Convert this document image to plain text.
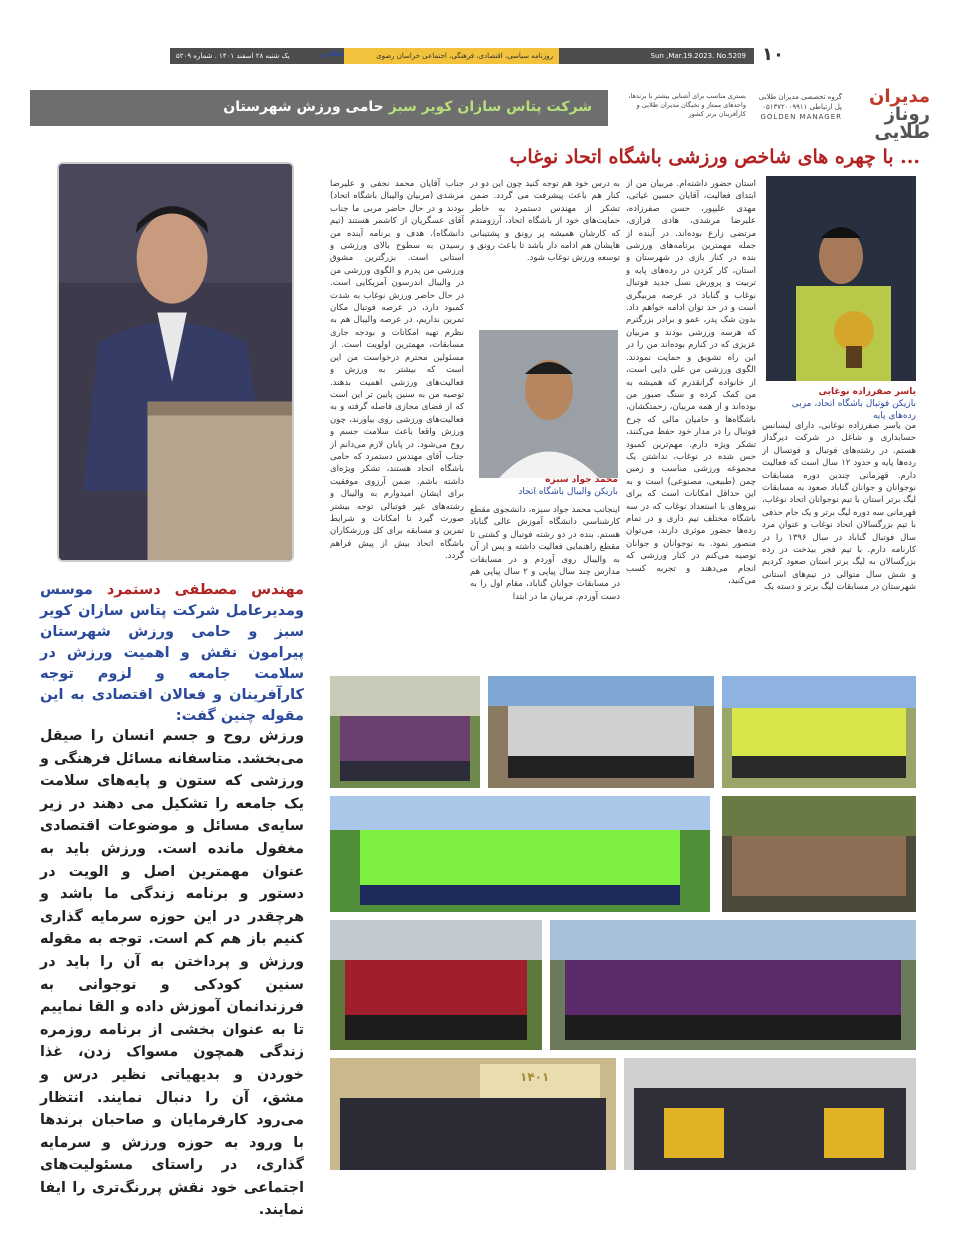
Sun ,Mar.19.2023. No.5209
روزنامه سیاسی، اقتصادی، فرهنگی، اجتماعی خراسان رضوی
طلایی
یک شنبه ۲۸ اسفند ۱۴۰۱ . شماره ۵۲۰۹	۱۰
مدیران
روناز طلایی
گروه تخصصی مدیران طلایی
پل ارتباطی ۰۵۱۳۷۲۰۰۹۹۱۱
GOLDEN MANAGER
بستری مناسب برای آشنایی بیشتر با برندها، واحدهای ممتاز و نخبگان مدیران طلایی و کارآفرینان برتر کشور
شرکت پتاس سازان کویر سبز حامی ورزش شهرستان
... با چهره های شاخص ورزشی باشگاه اتحاد نوغاب
یاسر صفرزاده نوغابی
بازیکن فوتبال باشگاه اتحاد، مربی رده‌های پایه
محمد جواد سبزه
بازیکن والیبال باشگاه اتحاد
من یاسر صفرزاده نوغابی، دارای لیسانس حسابداری و شاغل در شرکت دیرگداز هستم. در رشته‌های فوتبال و فوتسال از رده‌ها پایه و حدود ۱۲ سال است که فعالیت دارم. قهرمانی چندین دوره مسابقات نوجوانان و جوانان گناباد صعود به مسابقات لیگ برتر استان با تیم نوجوانان اتحاد نوغاب، قهرمانی سه دوره لیگ برتر و یک جام حذفی با تیم بزرگسالان اتحاد نوغاب و عنوان مرد سال فوتبال گناباد در سال ۱۳۹۶ را در کارنامه دارم. با تیم فجر بیدخت در رده بزرگسالان به لیگ برتر استان صعود کردیم و شش سال متوالی در تیم‌های استانی شهرستان در مسابقات لیگ برتر و دسته یک
استان حضور داشته‌ام. مربیان من از ابتدای فعالیت، آقایان حسین غیاثی، مهدی علیپور، حسن صفرزاده، علیرضا مرشدی، هادی فرازی، مرتضی زارع بوده‌اند. در آینده از جمله مهمترین برنامه‌های ورزشی بنده در کنار بازی در شهرستان و استان، کار کردن در رده‌های پایه و تربیت و پرورش نسل جدید فوتبال نوغاب و گناباد در عرصه مربیگری است و در حد توان ادامه خواهم داد. بدون شک پدر، عمو و برادر بزرگترم که هرسه ورزشی بودند و مربیان عزیزی که در کنارم بوده‌اند من را در این راه تشویق و حمایت نمودند. الگوی ورزشی من علی دایی است، از خانواده گرانقدرم که همیشه به من کمک کرده و سنگ صبور من بوده‌اند و از همه مربیان، زحمتکشان، باشگاه‌ها و حامیان مالی که چرخ فوتبال را در مدار خود حفظ می‌کنند، تشکر ویژه دارم. مهم‌ترین کمبود حس شده در نوغاب، نداشتن یک مجموعه ورزشی مناسب و زمین چمن (طبیعی، مصنوعی) است و به این حداقل امکانات است که برای نیروهای با استعداد نوغاب که در سه باشگاه مختلف تیم داری و در تمام رده‌ها حضور موثری دارند، می‌توان منصور نمود. به نوجوانان و جوانان توصیه می‌کنم در کنار ورزشی که انجام می‌دهند و تجربه کسب می‌کنید،
به درس خود هم توجه کنید چون این دو در کنار هم باعث پیشرفت می گردد. ضمن تشکر از مهندس دستمرد به خاطر حمایت‌های خود از باشگاه اتحاد، آرزومندم که کارشان همیشه پر رونق و پشتیبانی هایشان هم ادامه دار باشد تا باعث رونق و توسعه ورزش نوغاب شود.
اینجانب محمد جواد سبزه، دانشجوی مقطع کارشناسی دانشگاه آموزش عالی گناباد هستم. بنده در دو رشته فوتبال و کشتی تا مقطع راهنمایی فعالیت داشته و پس از آن به والیبال روی آوردم و در مسابقات مدارس چند سال پیاپی و ۲ سال پیاپی هم در مسابقات جوانان گناباد، مقام اول را به دست آوردم. مربیان ما در ابتدا
جناب آقایان محمد نجفی و علیرضا مرشدی (مربیان والیبال باشگاه اتحاد) بودند و در حال حاضر مربی ما جناب آقای عسگریان از کاشمر هستند (تیم دانشگاه). هدف و برنامه آینده من رسیدن به سطوح بالای ورزشی و استانی است. بزرگترین مشوق ورزشی من پدرم و الگوی ورزشی من در والیبال اندرسون آمریکایی است. در حال حاضر ورزش نوغاب به شدت کمبود دارد، در عرصه فوتبال مکان تمرین نداریم، در عرصه والیبال هم به نظرم تهیه امکانات و بودجه جاری مسابقات، مهمترین اولویت است. از مسئولین محترم درخواست من این است که بیشتر به ورزش و فعالیت‌های ورزشی اهمیت بدهند. توصیه من به سنین پایین تر این است که از فضای مجازی فاصله گرفته و به فعالیت‌های ورزشی روی بیاورند، چون ورزش واقعا باعث سلامت جسم و روح می‌شود. در پایان لازم می‌دانم از جناب آقای مهندس دستمرد که حامی باشگاه اتحاد هستند، تشکر ویژه‌ای داشته باشم. ضمن آرزوی موفقیت برای ایشان امیدوارم به والیبال و رشته‌های غیر فوتبالی توجه بیشتر صورت گیرد تا امکانات و شرایط تمرین و مسابقه برای کل ورزشکاران باشگاه اتحاد بیش از پیش فراهم گردد.
مهندس مصطفی دستمرد موسس ومدیرعامل شرکت پتاس سازان کویر سبز و حامی ورزش شهرستان پیرامون نقش و اهمیت ورزش در سلامت جامعه و لزوم توجه کارآفرینان و فعالان اقتصادی به این مقوله چنین گفت:
ورزش روح و جسم انسان را صیقل می‌بخشد. متاسفانه مسائل فرهنگی و ورزشی که ستون و پایه‌های سلامت یک جامعه را تشکیل می دهند در زیر سایه‌ی مسائل و موضوعات اقتصادی مغفول مانده است. ورزش باید به عنوان مهمترین اصل و الویت در دستور و برنامه زندگی ما باشد و هرچقدر در این حوزه سرمایه گذاری کنیم باز هم کم است. توجه به مقوله ورزش و پرداختن به آن را باید در سنین کودکی و نوجوانی به فرزندانمان آموزش داده و القا نماییم تا به عنوان بخشی از برنامه روزمره زندگی همچون مسواک زدن، غذا خوردن و بدیهیاتی نظیر درس و مشق، آن را دنبال نمایند. انتظار می‌رود کارفرمایان و صاحبان برندها با ورود به حوزه ورزش و سرمایه گذاری، در راستای مسئولیت‌های اجتماعی خود نقش پررنگ‌تری را ایفا نمایند.
۱۴۰۱
